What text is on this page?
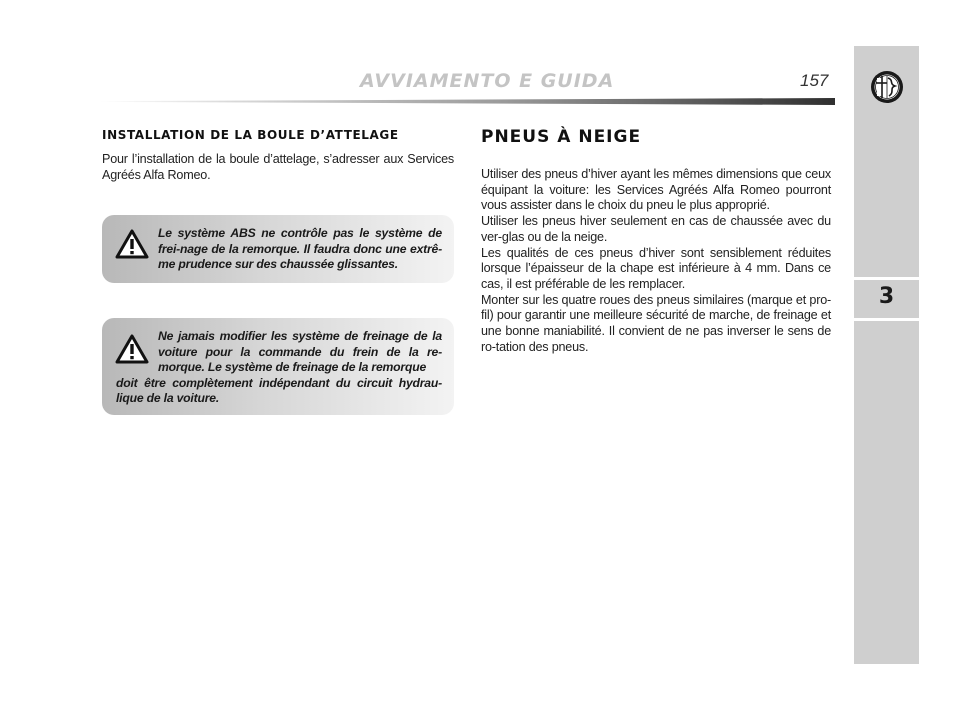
AVVIAMENTO E GUIDA	157
3
INSTALLATION DE LA BOULE D’ATTELAGE
Pour l’installation de la boule d’attelage, s’adresser aux Services Agréés Alfa Romeo.
Le système ABS ne contrôle pas le système de frei-nage de la remorque. Il faudra donc une extrê-me prudence sur des chaussée glissantes.
Ne jamais modifier les système de freinage de la voiture pour la commande du frein de la re-morque. Le système de freinage de la remorque
doit être complètement indépendant du circuit hydrau-lique de la voiture.
PNEUS À NEIGE

Utiliser des pneus d’hiver ayant les mêmes dimensions que ceux équipant la voiture: les Services Agréés Alfa Romeo pourront vous assister dans le choix du pneu le plus approprié.

Utiliser les pneus hiver seulement en cas de chaussée avec du ver-glas ou de la neige.

Les qualités de ces pneus d’hiver sont sensiblement réduites lorsque l’épaisseur de la chape est inférieure à 4 mm. Dans ce cas, il est préférable de les remplacer.

Monter sur les quatre roues des pneus similaires (marque et pro-fil) pour garantir une meilleure sécurité de marche, de freinage et une bonne maniabilité. Il convient de ne pas inverser le sens de ro-tation des pneus.
